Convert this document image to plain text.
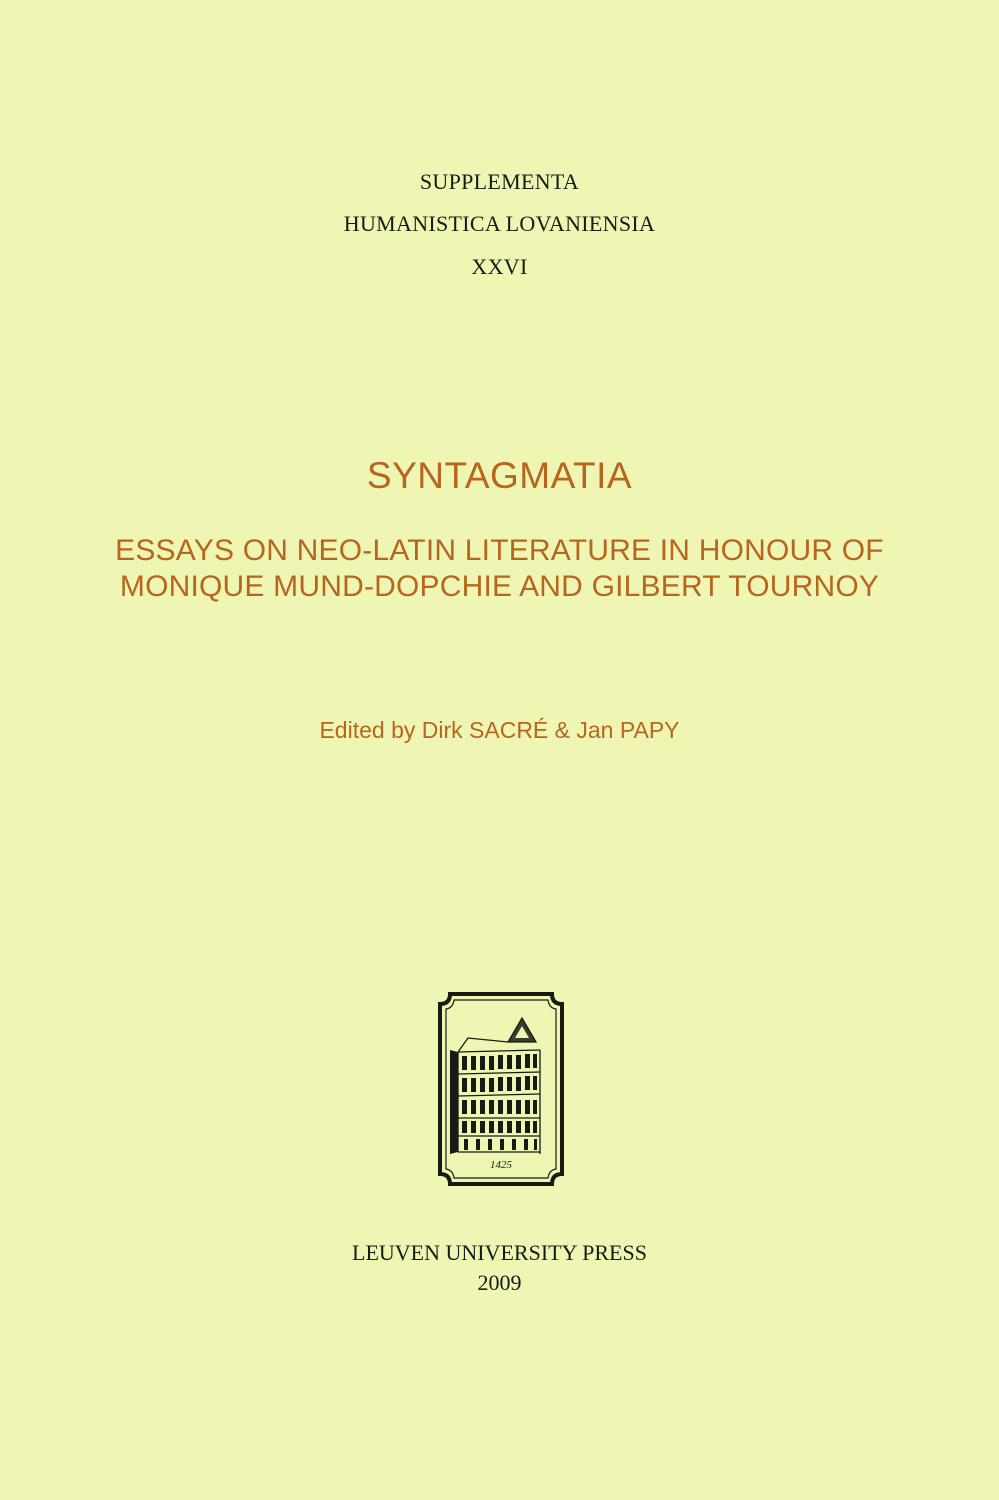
SUPPLEMENTA
HUMANISTICA LOVANIENSIA
XXVI
SYNTAGMATIA
ESSAYS ON NEO-LATIN LITERATURE IN HONOUR OF
MONIQUE MUND-DOPCHIE AND GILBERT TOURNOY
Edited by Dirk SACRÉ & Jan PAPY
1425
LEUVEN UNIVERSITY PRESS
2009
